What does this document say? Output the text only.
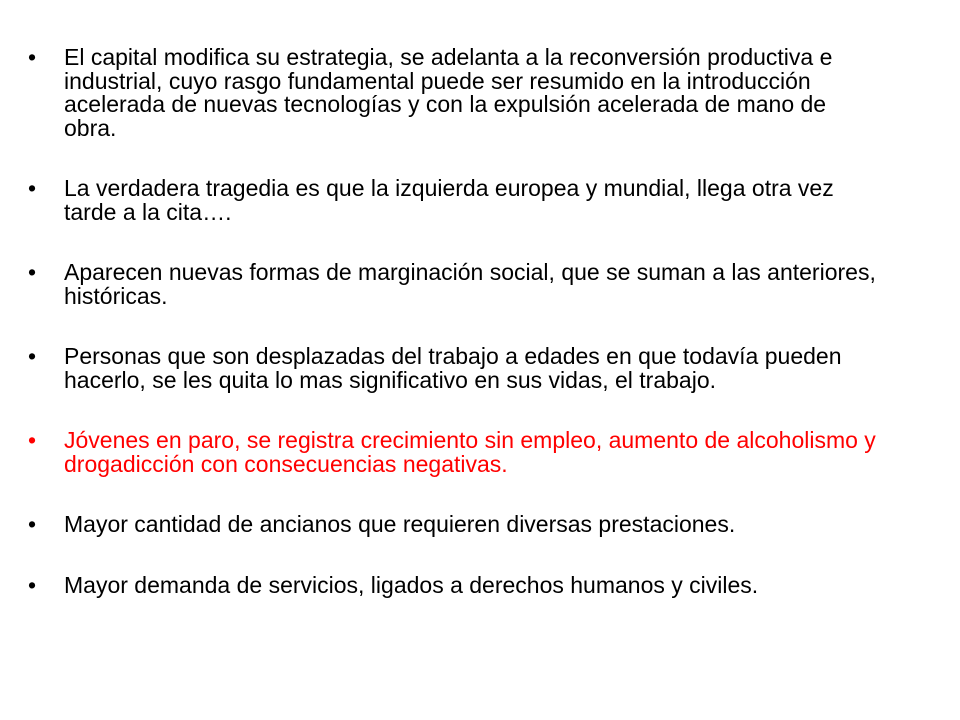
•	El capital modifica su estrategia, se adelanta a la reconversión productiva e industrial, cuyo rasgo fundamental puede ser resumido en la introducción acelerada de nuevas tecnologías y con la expulsión acelerada de mano de obra.
•	La verdadera tragedia es que la izquierda europea y mundial, llega otra vez tarde a la cita….
•	Aparecen nuevas formas de marginación social, que se suman a las anteriores, históricas.
•	Personas que son desplazadas del trabajo a edades en que todavía pueden hacerlo, se les quita lo mas significativo en sus vidas, el trabajo.
•	Jóvenes en paro, se registra crecimiento sin empleo, aumento de alcoholismo y drogadicción con consecuencias negativas.
•	Mayor cantidad de ancianos que requieren diversas prestaciones.
•	Mayor demanda de servicios, ligados a derechos humanos y civiles.
